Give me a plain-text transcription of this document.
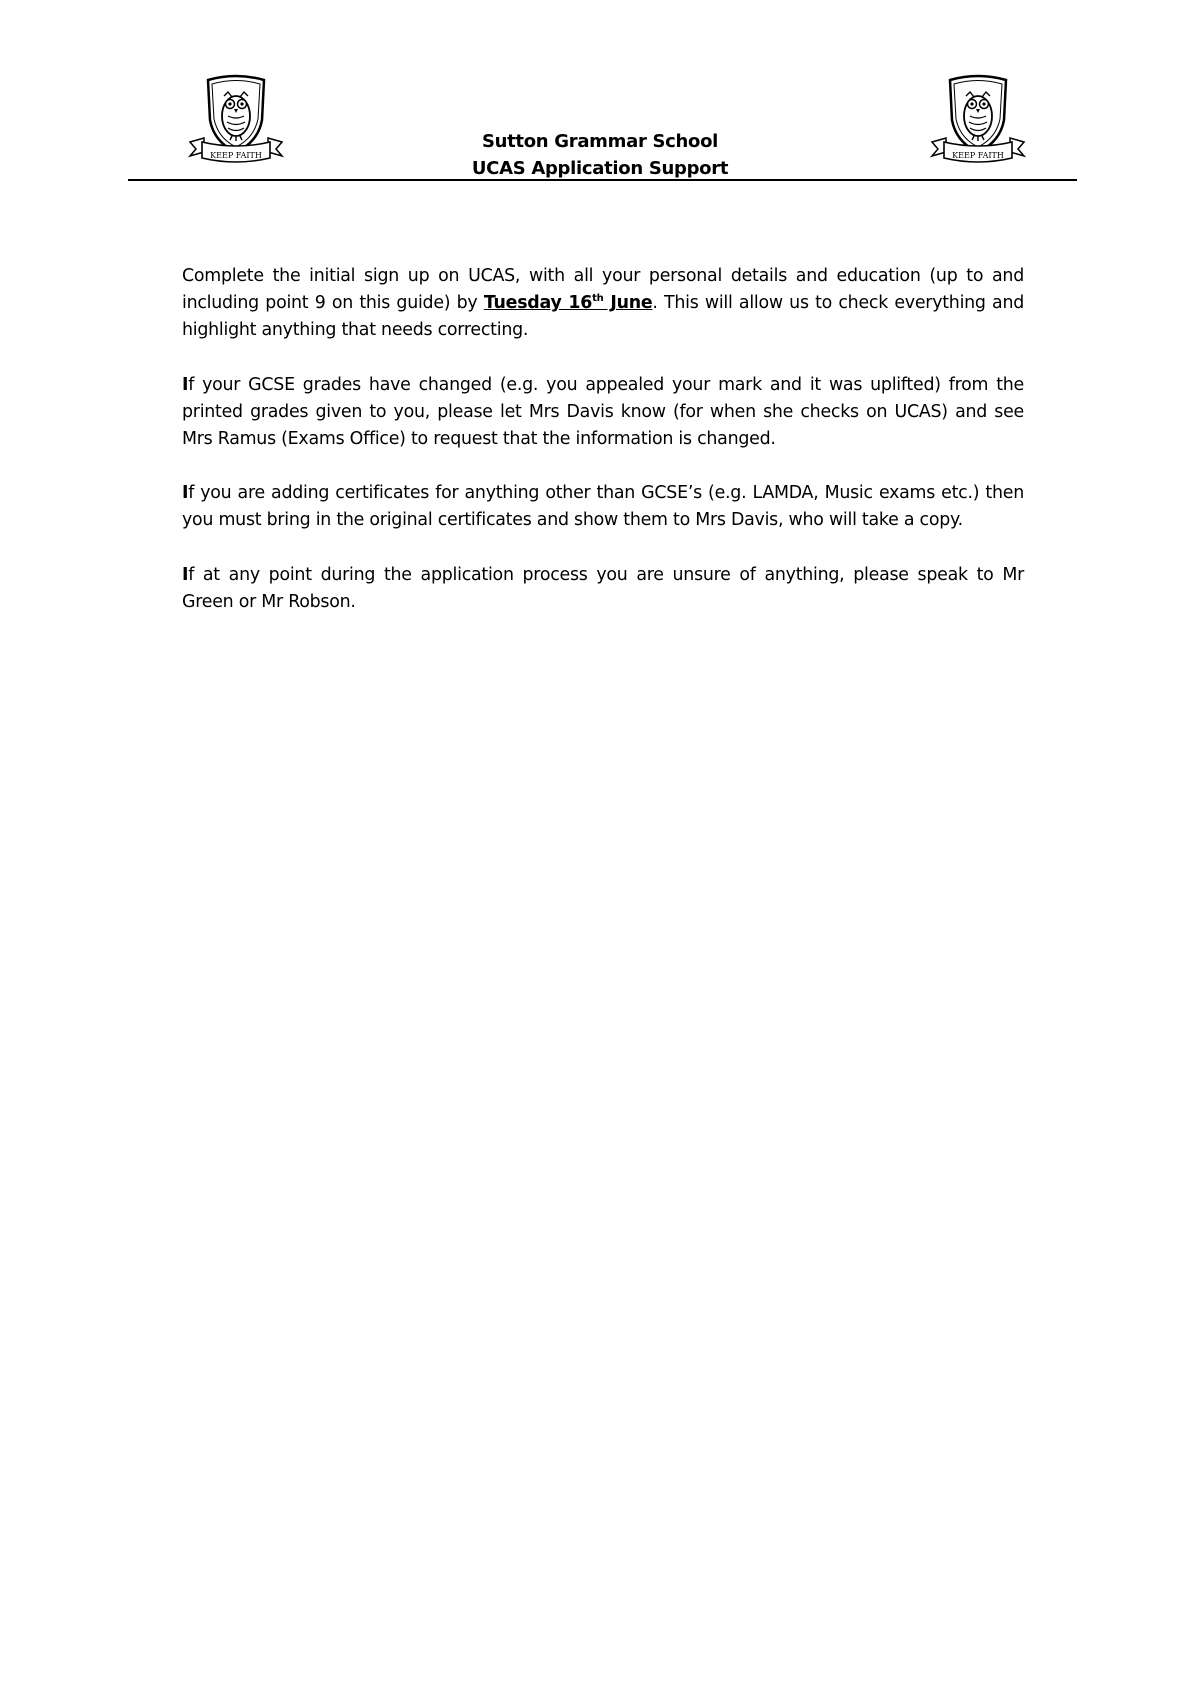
KEEP FAITH	KEEP FAITH
Sutton Grammar School
UCAS Application Support

Complete the initial sign up on UCAS, with all your personal details and education (up to and including point 9 on this guide) by Tuesday 16th June. This will allow us to check everything and highlight anything that needs correcting.

If your GCSE grades have changed (e.g. you appealed your mark and it was uplifted) from the printed grades given to you, please let Mrs Davis know (for when she checks on UCAS) and see Mrs Ramus (Exams Office) to request that the information is changed.

If you are adding certificates for anything other than GCSE’s (e.g. LAMDA, Music exams etc.) then you must bring in the original certificates and show them to Mrs Davis, who will take a copy.

If at any point during the application process you are unsure of anything, please speak to Mr Green or Mr Robson.
